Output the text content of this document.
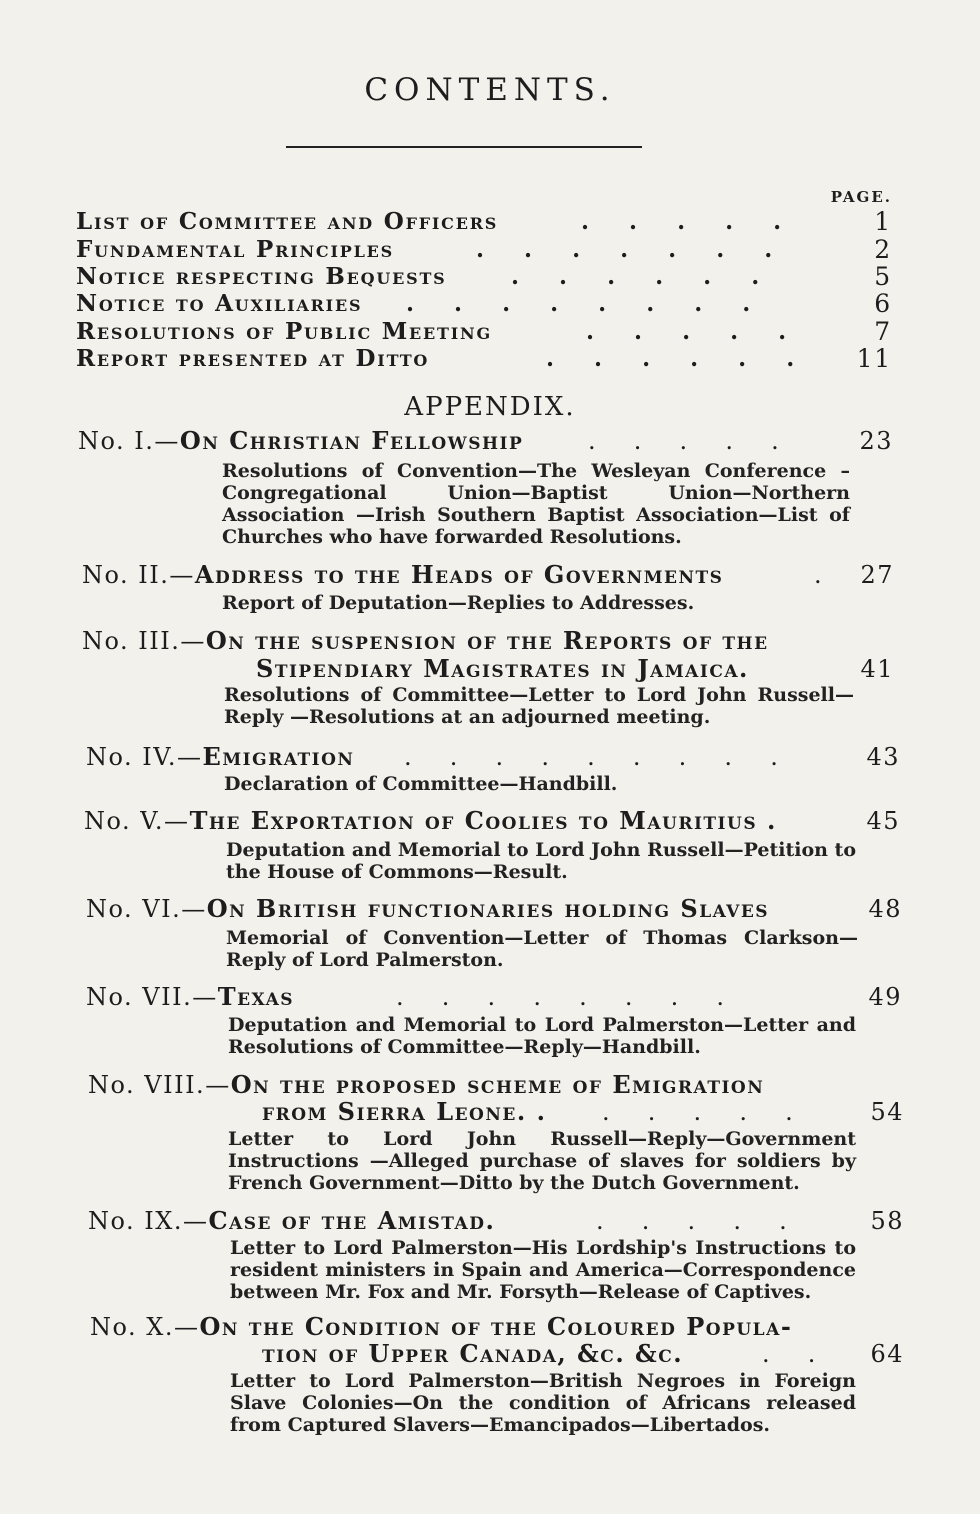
CONTENTS.
PAGE.
List of Committee and Officers	.     .     .     .     .	1
Fundamental Principles	.     .     .     .     .     .     .	2
Notice respecting Bequests	.     .     .     .     .     .	5
Notice to Auxiliaries .     .     .     .     .     .     .     .	6
Resolutions of Public Meeting	.     .     .     .     .	7
Report presented at Ditto	.     .     .     .     .     . 11
APPENDIX.
No. I.—On Christian Fellowship	.     .     .     .     .	23
Resolutions of Convention—The Wesleyan Conference – Congregational Union—Baptist Union—Northern Association —Irish Southern Baptist Association—List of Churches who have forwarded Resolutions.
No. II.—Address to the Heads of Governments	. 27
Report of Deputation—Replies to Addresses.
No. III.—On the suspension of the Reports of the
Stipendiary Magistrates in Jamaica.	41
Resolutions of Committee—Letter to Lord John Russell—Reply —Resolutions at an adjourned meeting.
No. IV.—Emigration .     .     .     .     .     .     .     .     .	43
Declaration of Committee—Handbill.
No. V.—The Exportation of Coolies to Mauritius .	45
Deputation and Memorial to Lord John Russell—Petition to the House of Commons—Result.
No. VI.—On British functionaries holding Slaves	48
Memorial of Convention—Letter of Thomas Clarkson—Reply of Lord Palmerston.
No. VII.—Texas	.     .     .     .     .     .     .     .	49
Deputation and Memorial to Lord Palmerston—Letter and Resolutions of Committee—Reply—Handbill.
No. VIII.—On the proposed scheme of Emigration
from Sierra Leone. . .     .     .     .     .	54
Letter to Lord John Russell—Reply—Government Instructions —Alleged purchase of slaves for soldiers by French Government—Ditto by the Dutch Government.
No. IX.—Case of the Amistad.	.     .     .     .     .	58
Letter to Lord Palmerston—His Lordship's Instructions to resident ministers in Spain and America—Correspondence between Mr. Fox and Mr. Forsyth—Release of Captives.
No. X.—On the Condition of the Coloured Popula-
tion of Upper Canada, &c. &c.	.     . 64
Letter to Lord Palmerston—British Negroes in Foreign Slave Colonies—On the condition of Africans released from Captured Slavers—Emancipados—Libertados.
